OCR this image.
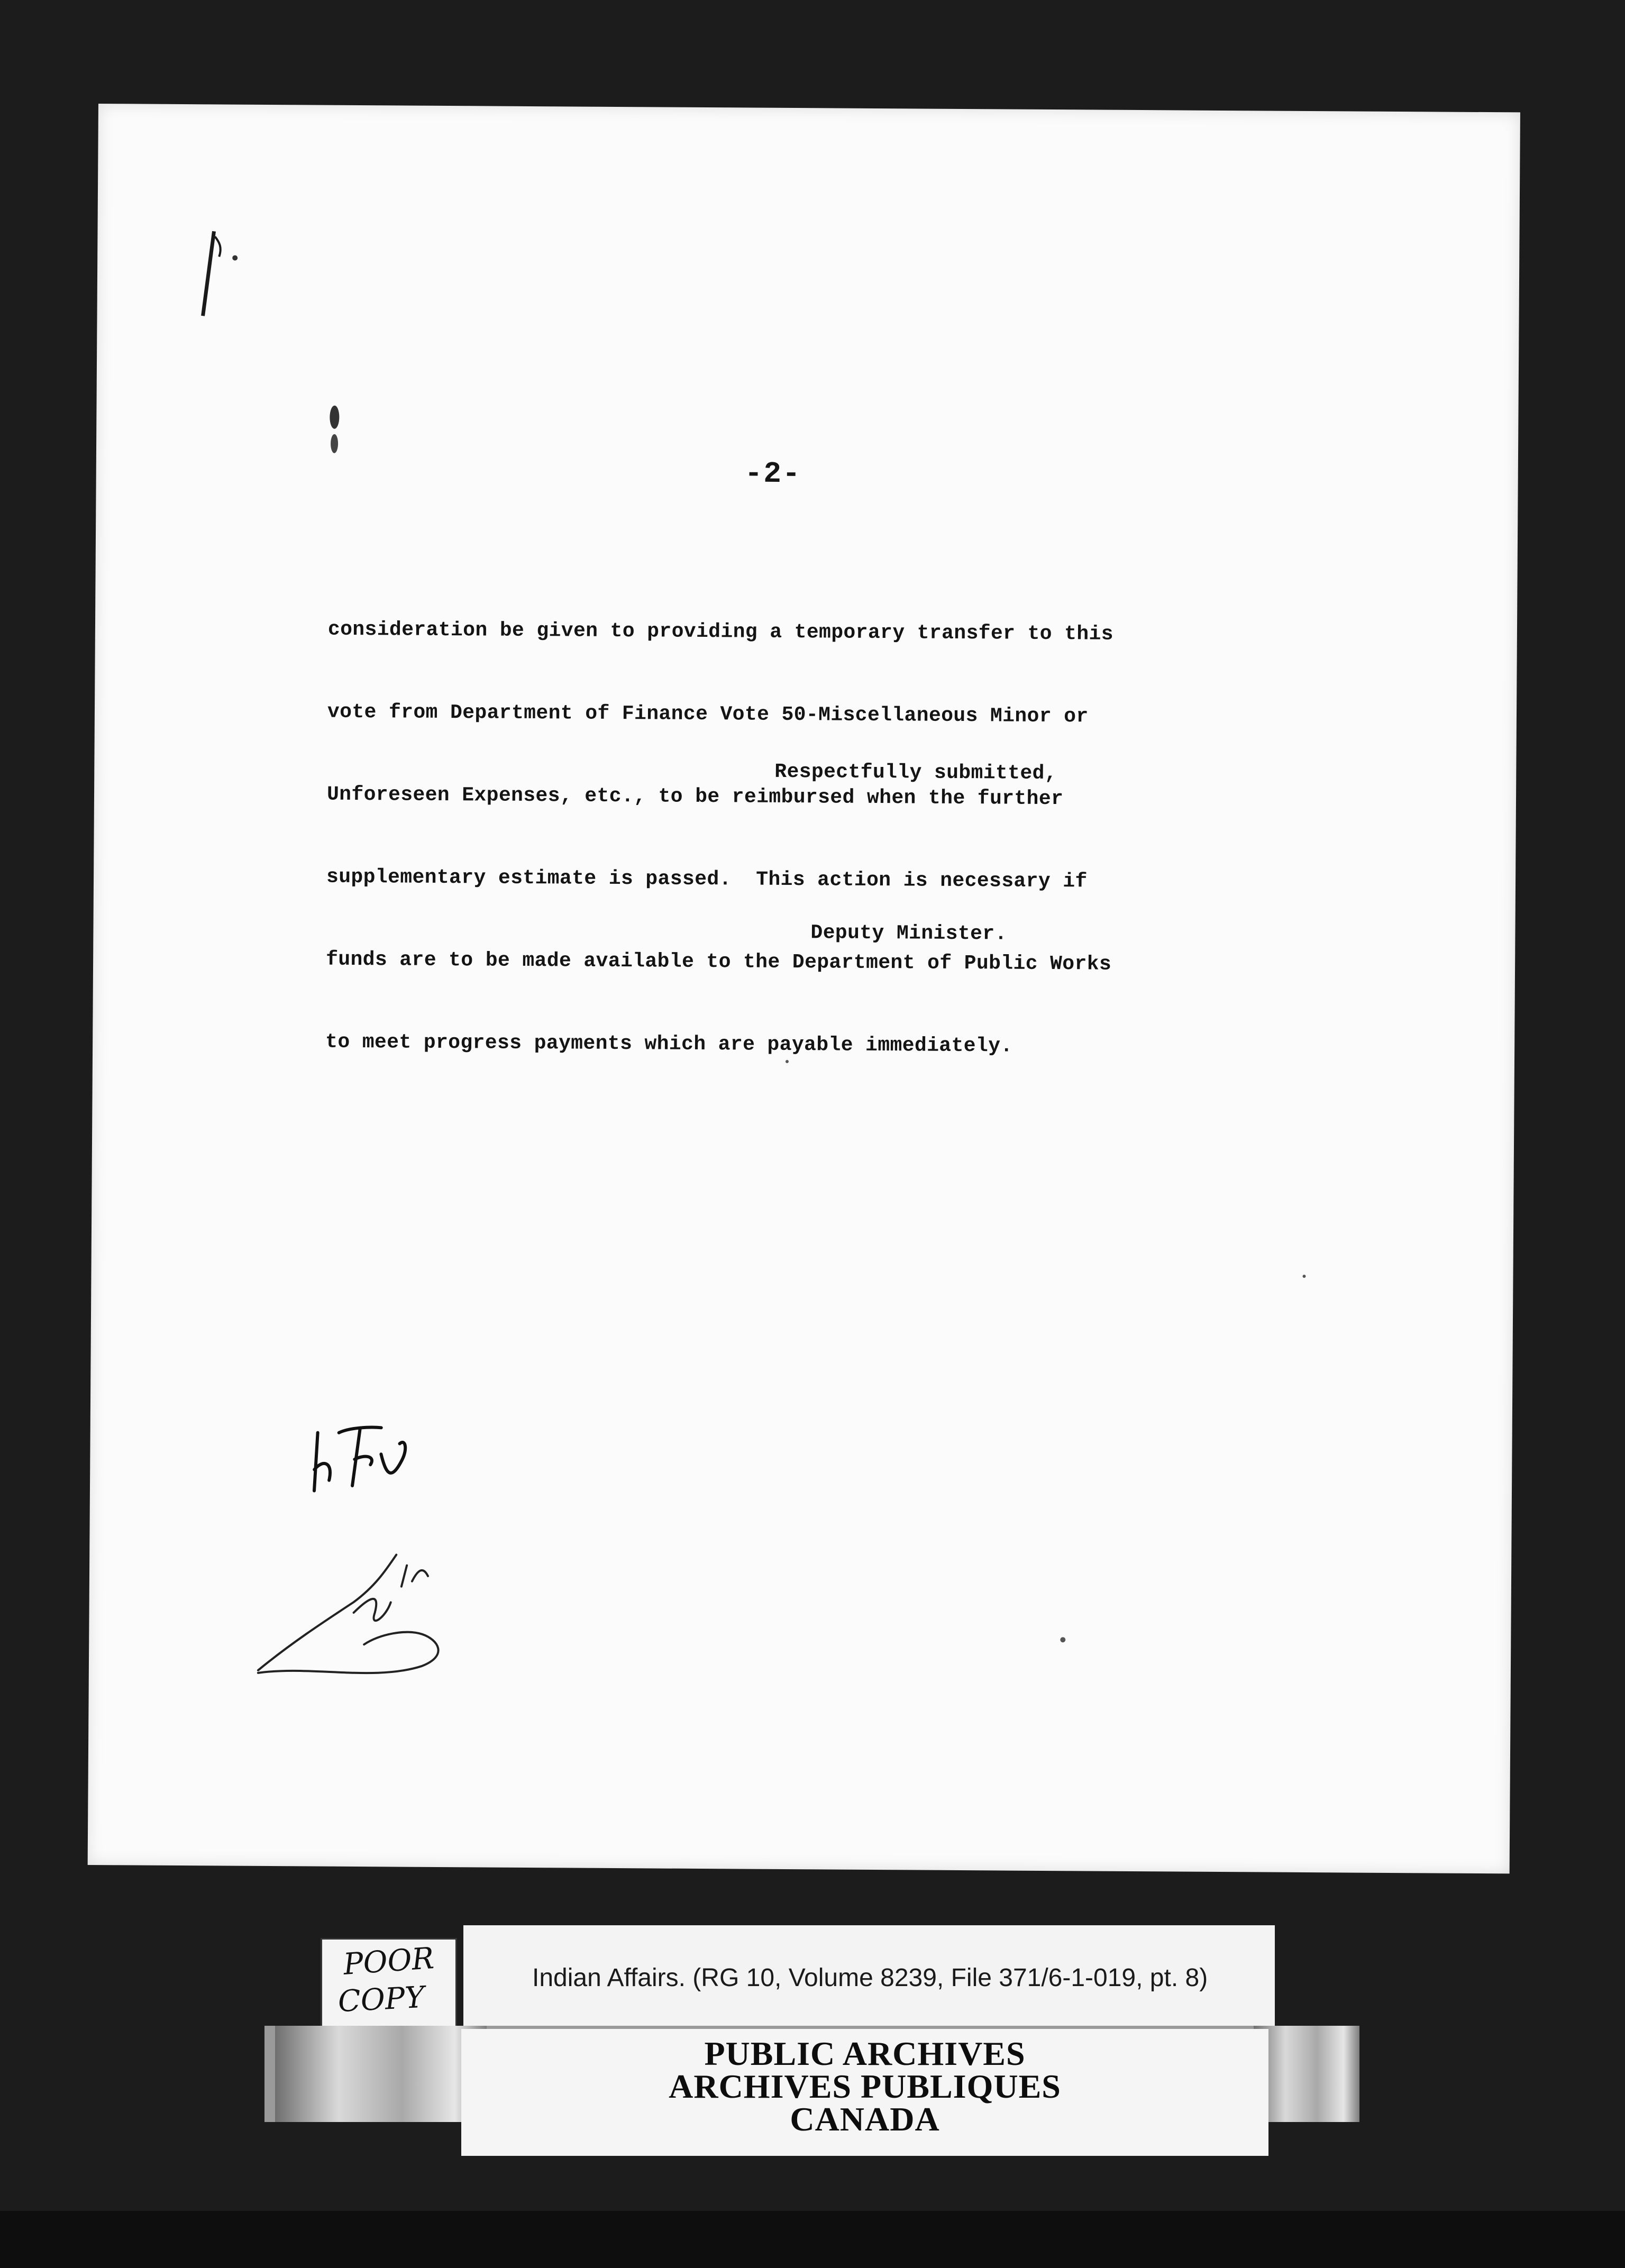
-2-

consideration be given to providing a temporary transfer to this

vote from Department of Finance Vote 50-Miscellaneous Minor or

Unforeseen Expenses, etc., to be reimbursed when the further

supplementary estimate is passed.  This action is necessary if

funds are to be made available to the Department of Public Works

to meet progress payments which are payable immediately.

Respectfully submitted,
Deputy Minister.
POOR
COPY
Indian Affairs. (RG 10, Volume 8239, File 371/6-1-019, pt. 8)
PUBLIC ARCHIVES
ARCHIVES PUBLIQUES
CANADA
